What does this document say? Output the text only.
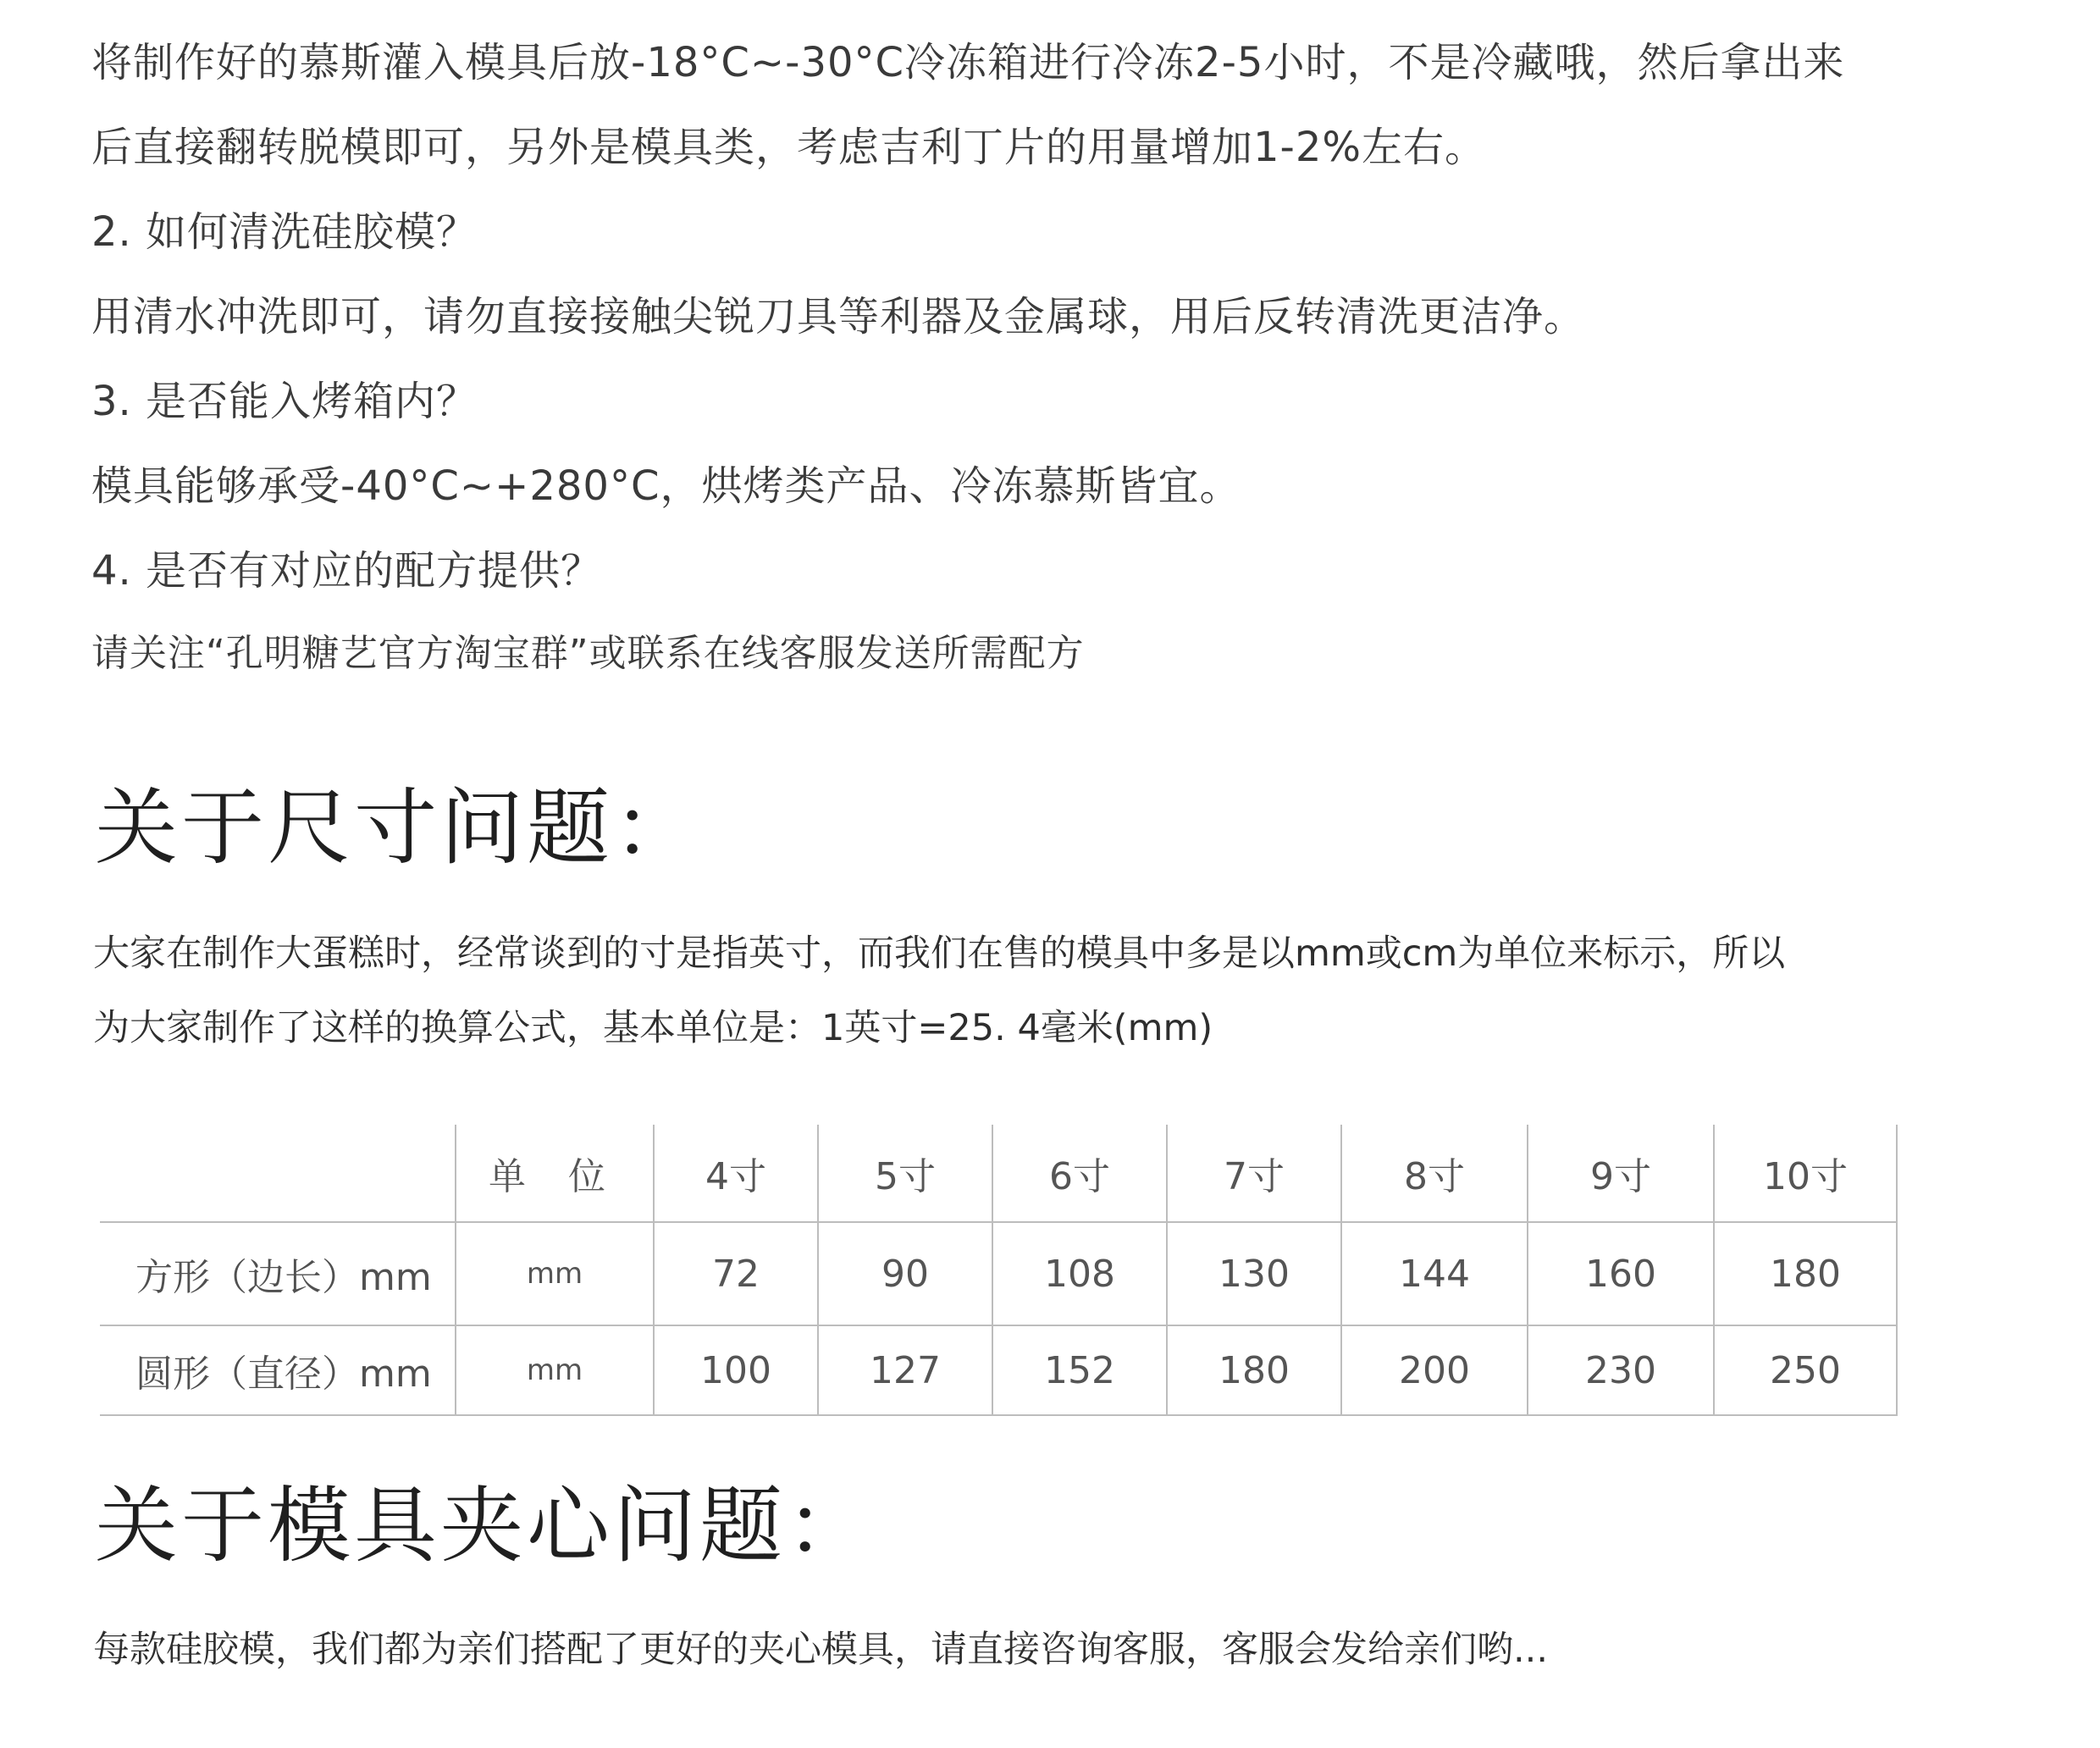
将制作好的慕斯灌入模具后放-18°C~-30°C冷冻箱进行冷冻2-5小时，不是冷藏哦，然后拿出来
后直接翻转脱模即可，另外是模具类，考虑吉利丁片的用量增加1-2%左右。
2. 如何清洗硅胶模？
用清水冲洗即可，请勿直接接触尖锐刀具等利器及金属球，用后反转清洗更洁净。
3. 是否能入烤箱内？
模具能够承受-40°C~+280°C，烘烤类产品、冷冻慕斯皆宜。
4. 是否有对应的配方提供？
请关注“孔明糖艺官方淘宝群”或联系在线客服发送所需配方
关于尺寸问题：
大家在制作大蛋糕时，经常谈到的寸是指英寸，而我们在售的模具中多是以mm或cm为单位来标示，所以
为大家制作了这样的换算公式，基本单位是：1英寸=25. 4毫米(mm)
	单 位	4寸	5寸	6寸	7寸	8寸	9寸	10寸
方形（边长）mm	mm	72	90	108	130	144	160	180
圆形（直径）mm	mm	100	127	152	180	200	230	250
关于模具夹心问题：
每款硅胶模，我们都为亲们搭配了更好的夹心模具，请直接咨询客服，客服会发给亲们哟...
